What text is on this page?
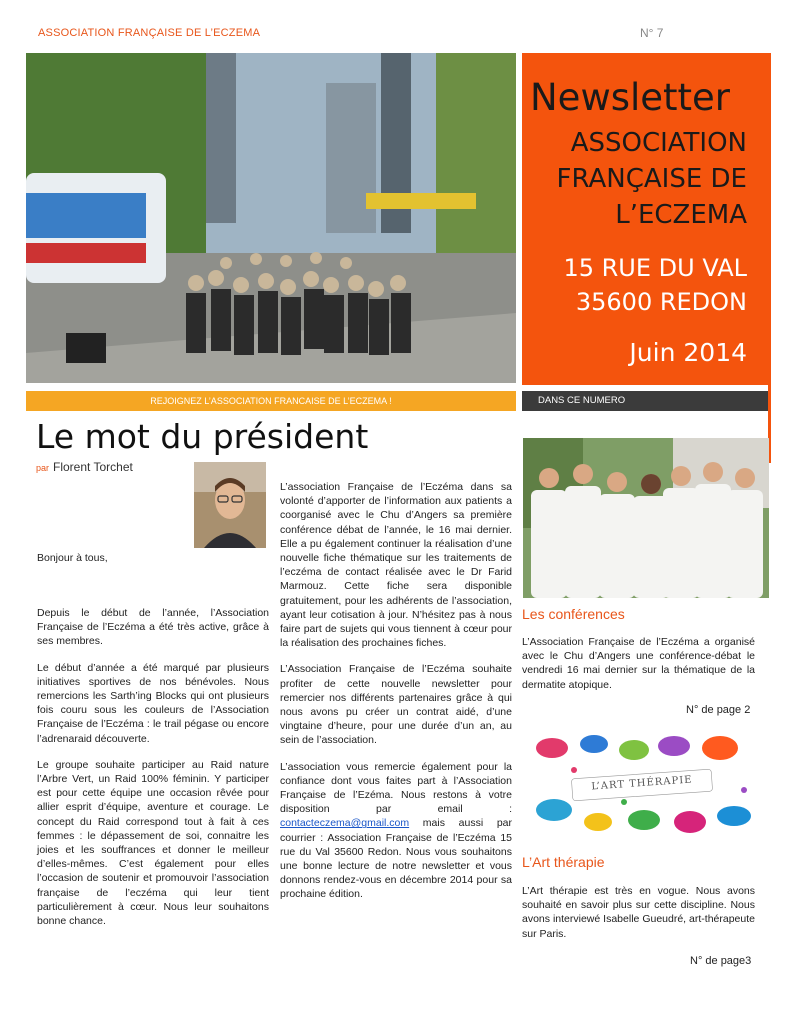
ASSOCIATION FRANÇAISE DE L’ECZEMA	N° 7
Newsletter
ASSOCIATION
FRANÇAISE DE
L’ECZEMA
15 RUE DU VAL
35600 REDON
Juin 2014
REJOIGNEZ L’ASSOCIATION FRANCAISE DE L’ECZEMA !	DANS CE NUMERO
Le mot du président
par Florent Torchet

Bonjour à tous,

Depuis le début de l’année, l’Association Française de l’Eczéma a été très active, grâce à ses membres.

Le début d’année a été marqué par plusieurs initiatives sportives de nos bénévoles. Nous remercions les Sarth’ing Blocks qui ont plusieurs fois couru sous les couleurs de l’Association Française de l’Eczéma : le trail pégase ou encore l’adrenaraid découverte.

Le groupe souhaite participer au Raid nature l’Arbre Vert, un Raid 100% féminin. Y participer est pour cette équipe une occasion rêvée pour allier esprit d’équipe, aventure et courage. Le concept du Raid correspond tout à fait à ces femmes : le dépassement de soi, connaitre les joies et les souffrances et donner le meilleur d’elles-mêmes. C’est également pour elles l’occasion de soutenir et promouvoir l’association française de l’eczéma qui leur tient particulièrement à cœur. Nous leur souhaitons bonne chance.

L’association Française de l’Eczéma dans sa volonté d’apporter de l’information aux patients a coorganisé avec le Chu d’Angers sa première conférence débat de l’année, le 16 mai dernier. Elle a pu également continuer la réalisation d’une nouvelle fiche thématique sur les traitements de l’eczéma de contact réalisée avec le Dr Farid Marmouz. Cette fiche sera disponible gratuitement, pour les adhérents de l’association, ayant leur cotisation à jour. N’hésitez pas à nous faire part de sujets qui vous tiennent à cœur pour la réalisation des prochaines fiches.

L’Association Française de l’Eczéma souhaite profiter de cette nouvelle newsletter pour remercier nos différents partenaires grâce à qui nous avons pu créer un contrat aidé, d’une vingtaine d’heure, pour une durée d’un an, au sein de l’association.

L’association vous remercie également pour la confiance dont vous faites part à l’Association Française de l’Ezéma. Nous restons à votre disposition par email : contacteczema@gmail.com mais aussi par courrier : Association Française de l’Eczéma 15 rue du Val 35600 Redon. Nous vous souhaitons une bonne lecture de notre newsletter et vous donnons rendez-vous en décembre 2014 pour sa prochaine édition.

Les conférences
L’Association Française de l’Eczéma a organisé avec le Chu d’Angers une conférence-débat le vendredi 16 mai dernier sur la thématique de la dermatite atopique.
N° de page 2
L’ART THÉRAPIE
L’Art thérapie
L’Art thérapie est très en vogue. Nous avons souhaité en savoir plus sur cette discipline. Nous avons interviewé Isabelle Gueudré, art-thérapeute sur Paris.
N° de page3
